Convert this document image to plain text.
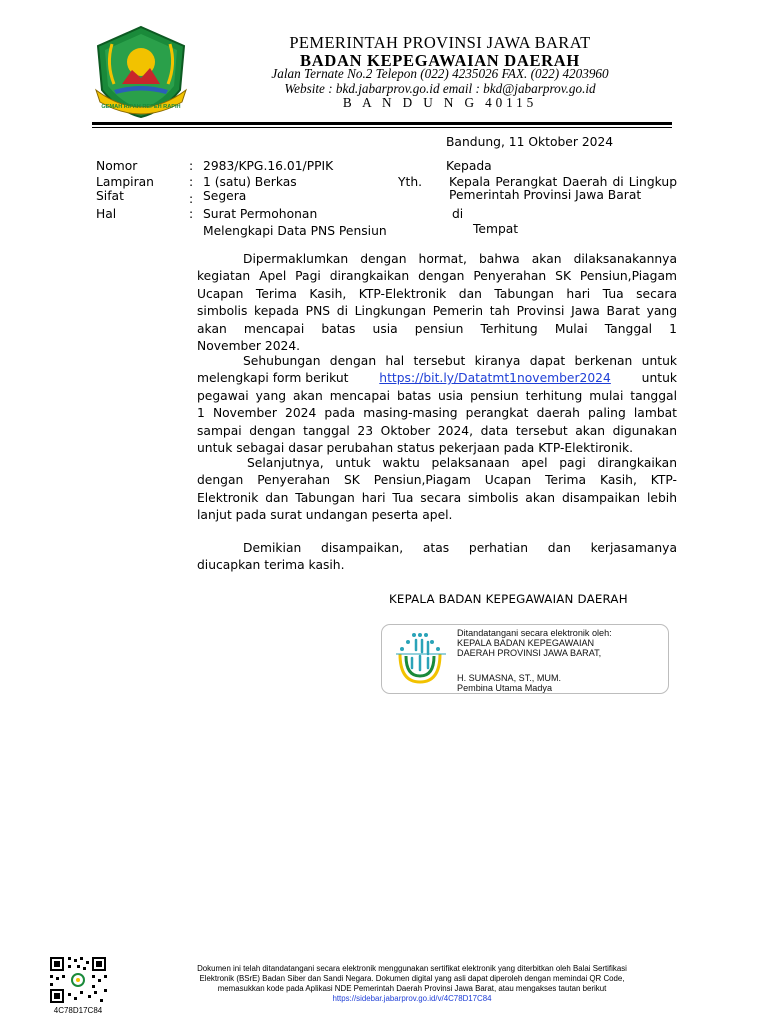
GEMAH RIPAH REPEH RAPIH
PEMERINTAH PROVINSI JAWA BARAT
BADAN KEPEGAWAIAN DAERAH
Jalan Ternate No.2 Telepon (022) 4235026 FAX. (022) 4203960
Website : bkd.jabarprov.go.id email : bkd@jabarprov.go.id
B A N D U N G 40115
Bandung, 11 Oktober 2024
Nomor	: 2983/KPG.16.01/PPIK
Lampiran	: 1 (satu) Berkas
Sifat	: Segera
Hal	: Surat Permohonan
Melengkapi Data PNS Pensiun
Kepada
Yth. Kepala Perangkat Daerah di Lingkup
Pemerintah Provinsi Jawa Barat
di
Tempat
Dipermaklumkan dengan hormat, bahwa akan dilaksanakannya
kegiatan Apel Pagi dirangkaikan dengan Penyerahan SK Pensiun,Piagam
Ucapan Terima Kasih, KTP-Elektronik dan Tabungan hari Tua secara
simbolis kepada PNS di Lingkungan Pemerin tah Provinsi Jawa Barat yang
akan mencapai batas usia pensiun Terhitung Mulai Tanggal 1
November 2024.
Sehubungan dengan hal tersebut kiranya dapat berkenan untuk
melengkapi form berikut	https://bit.ly/Datatmt1november2024	untuk
pegawai yang akan mencapai batas usia pensiun terhitung mulai tanggal
1 November 2024 pada masing-masing perangkat daerah paling lambat
sampai dengan tanggal 23 Oktober 2024, data tersebut akan digunakan
untuk sebagai dasar perubahan status pekerjaan pada KTP-Elektironik.
Selanjutnya, untuk waktu pelaksanaan apel pagi dirangkaikan
dengan Penyerahan SK Pensiun,Piagam Ucapan Terima Kasih, KTP-
Elektronik dan Tabungan hari Tua secara simbolis akan disampaikan lebih
lanjut pada surat undangan peserta apel.
Demikian disampaikan, atas perhatian dan kerjasamanya
diucapkan terima kasih.
KEPALA BADAN KEPEGAWAIAN DAERAH
Ditandatangani secara elektronik oleh:
KEPALA BADAN KEPEGAWAIAN
DAERAH PROVINSI JAWA BARAT,
H. SUMASNA, ST., MUM.
Pembina Utama Madya
4C78D17C84
Dokumen ini telah ditandatangani secara elektronik menggunakan sertifikat elektronik yang diterbitkan oleh Balai Sertifikasi
Elektronik (BSrE) Badan Siber dan Sandi Negara. Dokumen digital yang asli dapat diperoleh dengan memindai QR Code,
memasukkan kode pada Aplikasi NDE Pemerintah Daerah Provinsi Jawa Barat, atau mengakses tautan berikut
https://sidebar.jabarprov.go.id/v/4C78D17C84
